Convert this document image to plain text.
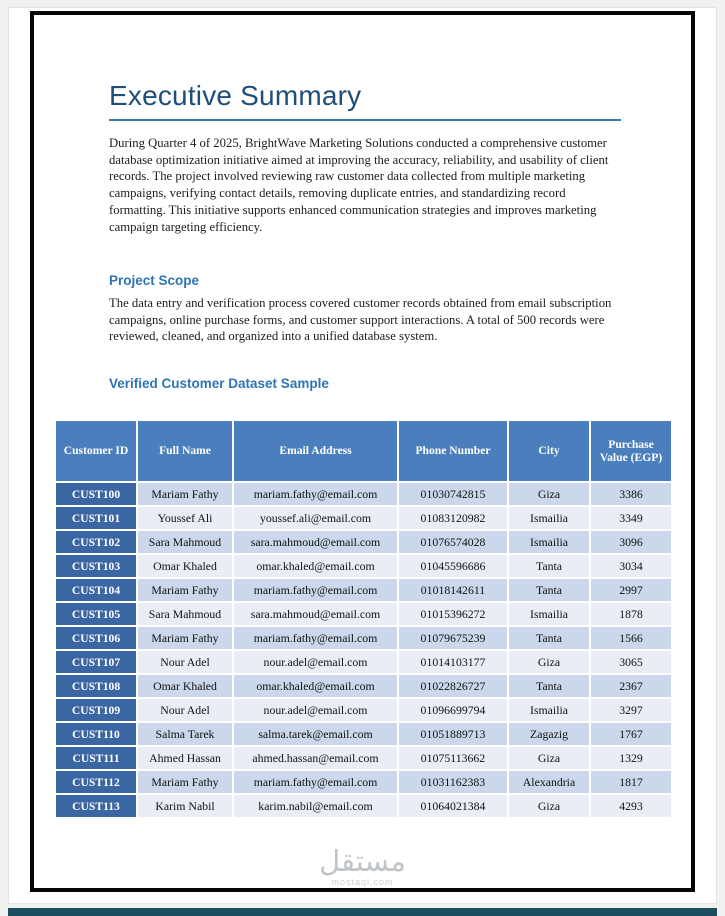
Executive Summary

During Quarter 4 of 2025, BrightWave Marketing Solutions conducted a comprehensive customer database optimization initiative aimed at improving the accuracy, reliability, and usability of client records. The project involved reviewing raw customer data collected from multiple marketing campaigns, verifying contact details, removing duplicate entries, and standardizing record formatting. This initiative supports enhanced communication strategies and improves marketing campaign targeting efficiency.

Project Scope

The data entry and verification process covered customer records obtained from email subscription campaigns, online purchase forms, and customer support interactions. A total of 500 records were reviewed, cleaned, and organized into a unified database system.

Verified Customer Dataset Sample
Customer ID	Full Name	Email Address	Phone Number	City	Purchase Value (EGP)
CUST100	Mariam Fathy	mariam.fathy@email.com	01030742815	Giza	3386
CUST101	Youssef Ali	youssef.ali@email.com	01083120982	Ismailia	3349
CUST102	Sara Mahmoud	sara.mahmoud@email.com	01076574028	Ismailia	3096
CUST103	Omar Khaled	omar.khaled@email.com	01045596686	Tanta	3034
CUST104	Mariam Fathy	mariam.fathy@email.com	01018142611	Tanta	2997
CUST105	Sara Mahmoud	sara.mahmoud@email.com	01015396272	Ismailia	1878
CUST106	Mariam Fathy	mariam.fathy@email.com	01079675239	Tanta	1566
CUST107	Nour Adel	nour.adel@email.com	01014103177	Giza	3065
CUST108	Omar Khaled	omar.khaled@email.com	01022826727	Tanta	2367
CUST109	Nour Adel	nour.adel@email.com	01096699794	Ismailia	3297
CUST110	Salma Tarek	salma.tarek@email.com	01051889713	Zagazig	1767
CUST111	Ahmed Hassan	ahmed.hassan@email.com	01075113662	Giza	1329
CUST112	Mariam Fathy	mariam.fathy@email.com	01031162383	Alexandria	1817
CUST113	Karim Nabil	karim.nabil@email.com	01064021384	Giza	4293
مستقل
mostaql.com
